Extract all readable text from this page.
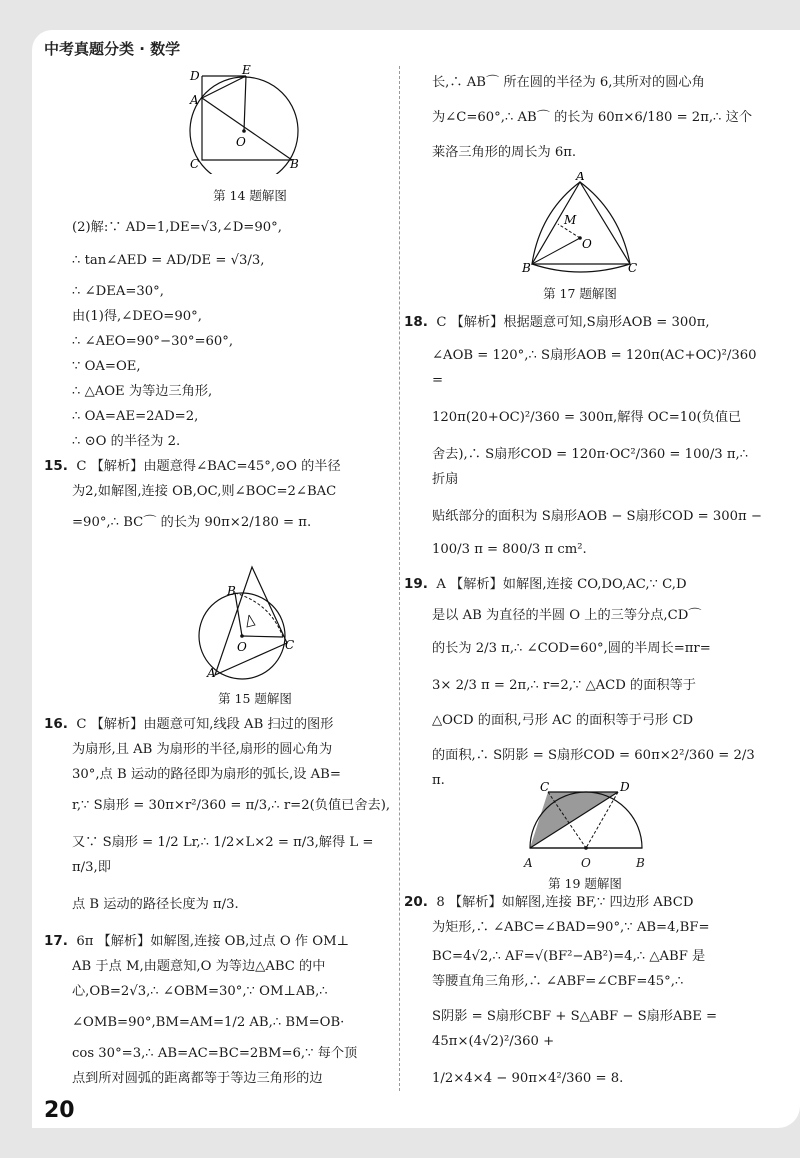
中考真题分类 · 数学
20
D	E
A
O
C	B
第 14 题解图

(2)解:∵ AD=1,DE=√3,∠D=90°,

∴ tan∠AED = AD/DE = √3/3,

∴ ∠DEA=30°,

由(1)得,∠DEO=90°,

∴ ∠AEO=90°−30°=60°,

∵ OA=OE,

∴ △AOE 为等边三角形,

∴ OA=AE=2AD=2,

∴ ⊙O 的半径为 2.

15. C 【解析】由题意得∠BAC=45°,⊙O 的半径

为2,如解图,连接 OB,OC,则∠BOC=2∠BAC

=90°,∴ BC⌒ 的长为 90π×2/180 = π.

B
O	C
A
第 15 题解图

16. C 【解析】由题意可知,线段 AB 扫过的图形

为扇形,且 AB 为扇形的半径,扇形的圆心角为

30°,点 B 运动的路径即为扇形的弧长,设 AB=

r,∵ S扇形 = 30π×r²/360 = π/3,∴ r=2(负值已舍去),

又∵ S扇形 = 1/2 Lr,∴ 1/2×L×2 = π/3,解得 L = π/3,即

点 B 运动的路径长度为 π/3.

17. 6π 【解析】如解图,连接 OB,过点 O 作 OM⊥

AB 于点 M,由题意知,O 为等边△ABC 的中

心,OB=2√3,∴ ∠OBM=30°,∵ OM⊥AB,∴

∠OMB=90°,BM=AM=1/2 AB,∴ BM=OB·

cos 30°=3,∴ AB=AC=BC=2BM=6,∵ 每个顶

点到所对圆弧的距离都等于等边三角形的边

长,∴ AB⌒ 所在圆的半径为 6,其所对的圆心角

为∠C=60°,∴ AB⌒ 的长为 60π×6/180 = 2π,∴ 这个

莱洛三角形的周长为 6π.

A
M
O
B	C
第 17 题解图

18. C 【解析】根据题意可知,S扇形AOB = 300π,

∠AOB = 120°,∴ S扇形AOB = 120π(AC+OC)²/360 =

120π(20+OC)²/360 = 300π,解得 OC=10(负值已

舍去),∴ S扇形COD = 120π·OC²/360 = 100/3 π,∴ 折扇

贴纸部分的面积为 S扇形AOB − S扇形COD = 300π −

100/3 π = 800/3 π cm².

19. A 【解析】如解图,连接 CO,DO,AC,∵ C,D

是以 AB 为直径的半圆 O 上的三等分点,CD⌒

的长为 2/3 π,∴ ∠COD=60°,圆的半周长=πr=

3× 2/3 π = 2π,∴ r=2,∵ △ACD 的面积等于

△OCD 的面积,弓形 AC 的面积等于弓形 CD

的面积,∴ S阴影 = S扇形COD = 60π×2²/360 = 2/3 π.	C	D
A	O	B
第 19 题解图

20. 8 【解析】如解图,连接 BF,∵ 四边形 ABCD

为矩形,∴ ∠ABC=∠BAD=90°,∵ AB=4,BF=

BC=4√2,∴ AF=√(BF²−AB²)=4,∴ △ABF 是

等腰直角三角形,∴ ∠ABF=∠CBF=45°,∴

S阴影 = S扇形CBF + S△ABF − S扇形ABE = 45π×(4√2)²/360 +

1/2×4×4 − 90π×4²/360 = 8.
